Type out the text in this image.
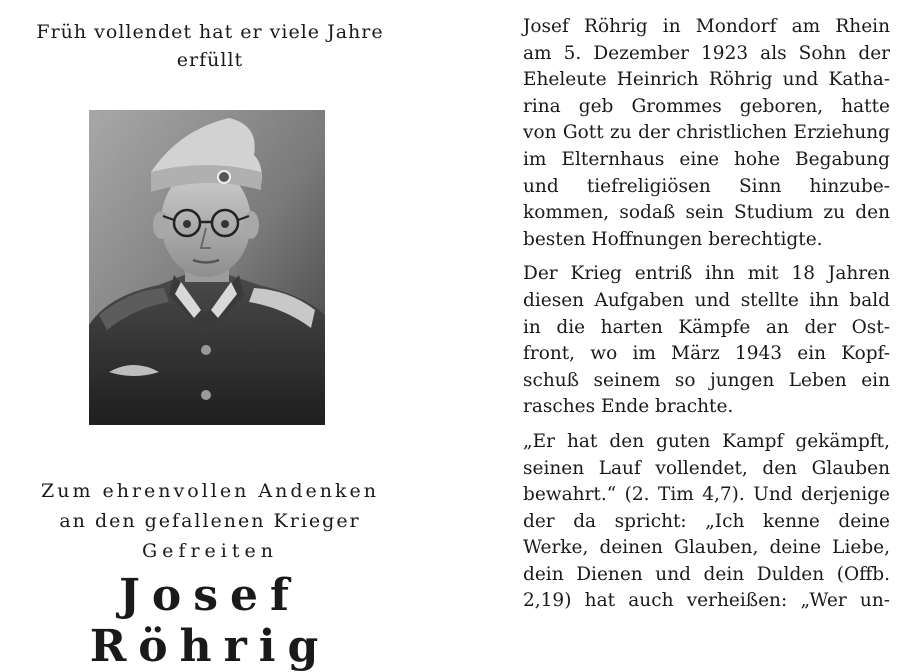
Früh vollendet hat er viele Jahre
erfüllt
Zum ehrenvollen Andenken
an den gefallenen Krieger
Gefreiten
Josef Röhrig

Josef Röhrig in Mondorf am Rhein
am 5. Dezember 1923 als Sohn der
Eheleute Heinrich Röhrig und Katha-
rina geb Grommes geboren, hatte
von Gott zu der christlichen Erziehung
im Elternhaus eine hohe Begabung
und tiefreligiösen Sinn hinzube-
kommen, sodaß sein Studium zu den
besten Hoffnungen berechtigte.

Der Krieg entriß ihn mit 18 Jahren
diesen Aufgaben und stellte ihn bald
in die harten Kämpfe an der Ost-
front, wo im März 1943 ein Kopf-
schuß seinem so jungen Leben ein
rasches Ende brachte.

„Er hat den guten Kampf gekämpft,
seinen Lauf vollendet, den Glauben
bewahrt.“ (2. Tim 4,7). Und derjenige
der da spricht: „Ich kenne deine
Werke, deinen Glauben, deine Liebe,
dein Dienen und dein Dulden (Offb.
2,19) hat auch verheißen: „Wer un-
